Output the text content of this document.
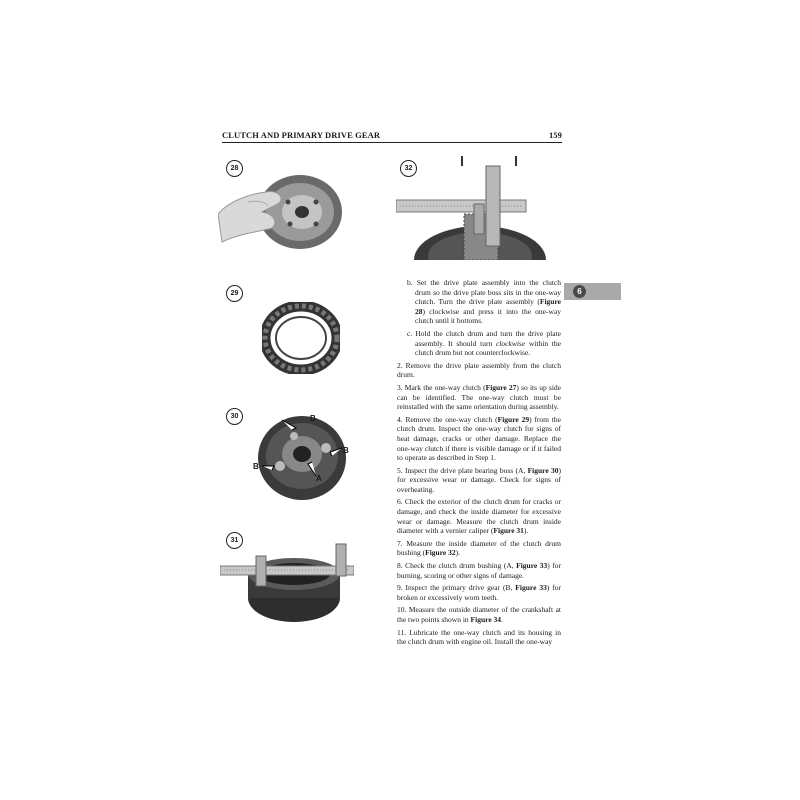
CLUTCH AND PRIMARY DRIVE GEAR	159
6
28
29
30	B
B
B
A
31
32

b. Set the drive plate assembly into the clutch drum so the drive plate boss sits in the one-way clutch. Turn the drive plate assembly (Figure 28) clockwise and press it into the one-way clutch until it bottoms.

c. Hold the clutch drum and turn the drive plate assembly. It should turn clockwise within the clutch drum but not counterclockwise.

2. Remove the drive plate assembly from the clutch drum.

3. Mark the one-way clutch (Figure 27) so its up side can be identified. The one-way clutch must be reinstalled with the same orientation during assembly.

4. Remove the one-way clutch (Figure 29) from the clutch drum. Inspect the one-way clutch for signs of heat damage, cracks or other damage. Replace the one-way clutch if there is visible damage or if it failed to operate as described in Step 1.

5. Inspect the drive plate bearing boss (A, Figure 30) for excessive wear or damage. Check for signs of overheating.

6. Check the exterior of the clutch drum for cracks or damage, and check the inside diameter for excessive wear or damage. Measure the clutch drum inside diameter with a vernier caliper (Figure 31).

7. Measure the inside diameter of the clutch drum bushing (Figure 32).

8. Check the clutch drum bushing (A, Figure 33) for burning, scoring or other signs of damage.

9. Inspect the primary drive gear (B, Figure 33) for broken or excessively worn teeth.

10. Measure the outside diameter of the crankshaft at the two points shown in Figure 34.

11. Lubricate the one-way clutch and its housing in the clutch drum with engine oil. Install the one-way
